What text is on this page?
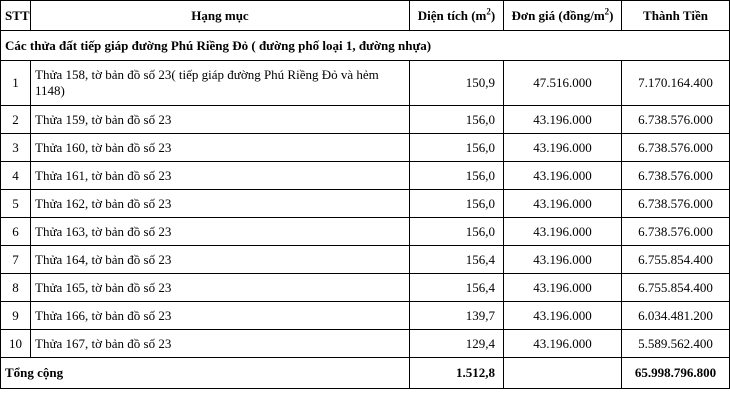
STT	Hạng mục	Diện tích $(m^2)$	Đơn giá $(đồng/m^2)$	Thành Tiền
Các thửa đất tiếp giáp đường Phú Riềng Đỏ ( đường phố loại 1, đường nhựa)				
1	Thửa 158, tờ bản đồ số 23( tiếp giáp đường Phú Riềng Đỏ và hẻm 1148)	150,9	47.516.000	7.170.164.400
2	Thửa 159, tờ bản đồ số 23	156,0	43.196.000	6.738.576.000
3	Thửa 160, tờ bản đồ số 23	156,0	43.196.000	6.738.576.000
4	Thửa 161, tờ bản đồ số 23	156,0	43.196.000	6.738.576.000
5	Thửa 162, tờ bản đồ số 23	156,0	43.196.000	6.738.576.000
6	Thửa 163, tờ bản đồ số 23	156,0	43.196.000	6.738.576.000
7	Thửa 164, tờ bản đồ số 23	156,4	43.196.000	6.755.854.400
8	Thửa 165, tờ bản đồ số 23	156,4	43.196.000	6.755.854.400
9	Thửa 166, tờ bản đồ số 23	139,7	43.196.000	6.034.481.200
10	Thửa 167, tờ bản đồ số 23	129,4	43.196.000	5.589.562.400
Tổng cộng		1.512,8		65.998.796.800
